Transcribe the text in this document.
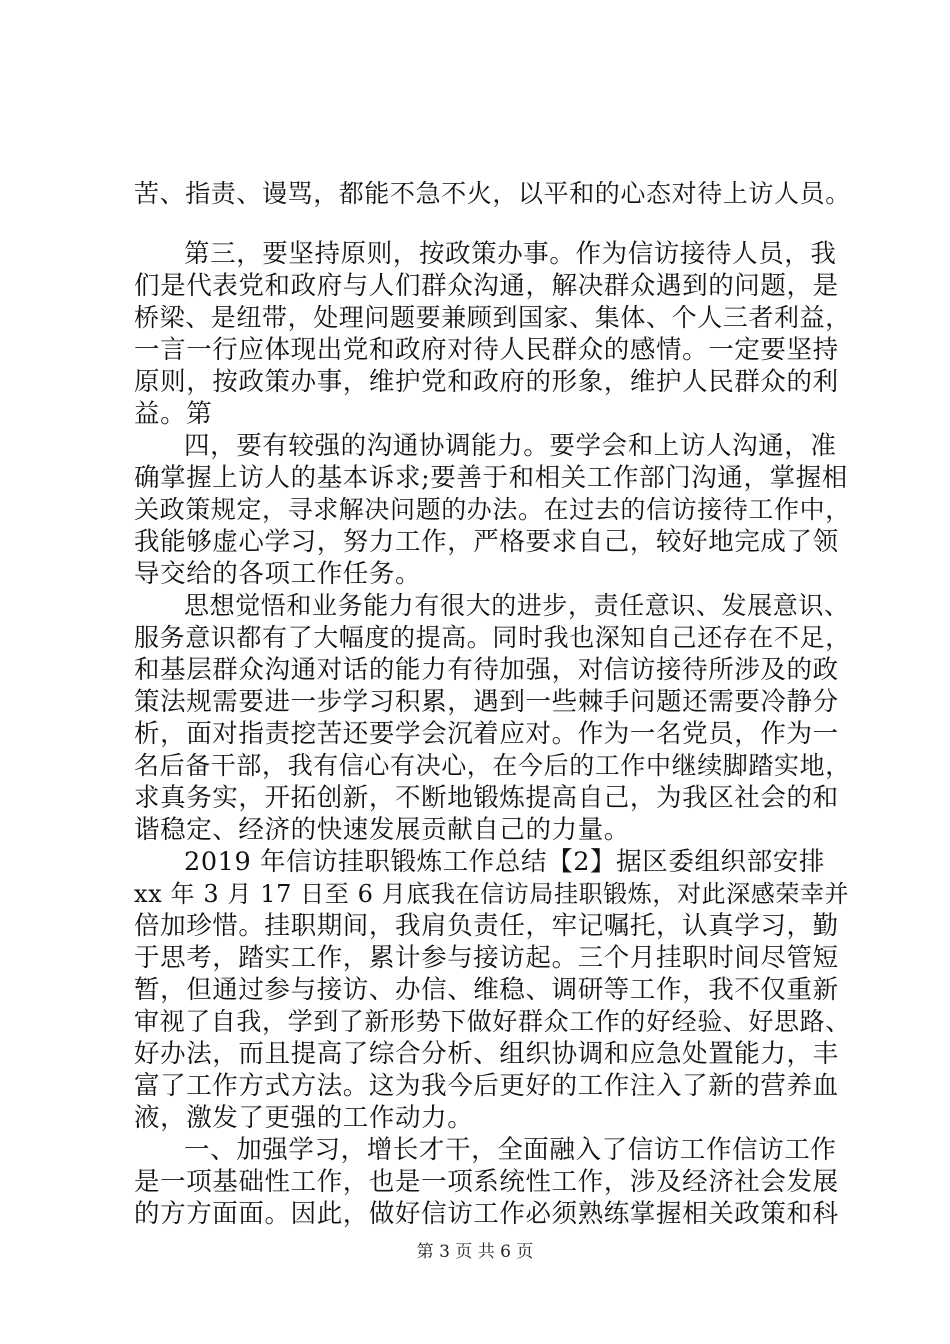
苦、指责、谩骂，都能不急不火，以平和的心态对待上访人员。
第三，要坚持原则，按政策办事。作为信访接待人员，我
们是代表党和政府与人们群众沟通，解决群众遇到的问题，是
桥梁、是纽带，处理问题要兼顾到国家、集体、个人三者利益，
一言一行应体现出党和政府对待人民群众的感情。一定要坚持
原则，按政策办事，维护党和政府的形象，维护人民群众的利
益。第
四，要有较强的沟通协调能力。要学会和上访人沟通，准
确掌握上访人的基本诉求;要善于和相关工作部门沟通，掌握相
关政策规定，寻求解决问题的办法。在过去的信访接待工作中，
我能够虚心学习，努力工作，严格要求自己，较好地完成了领
导交给的各项工作任务。
思想觉悟和业务能力有很大的进步，责任意识、发展意识、
服务意识都有了大幅度的提高。同时我也深知自己还存在不足，
和基层群众沟通对话的能力有待加强，对信访接待所涉及的政
策法规需要进一步学习积累，遇到一些棘手问题还需要冷静分
析，面对指责挖苦还要学会沉着应对。作为一名党员，作为一
名后备干部，我有信心有决心，在今后的工作中继续脚踏实地，
求真务实，开拓创新，不断地锻炼提高自己，为我区社会的和
谐稳定、经济的快速发展贡献自己的力量。
2019 年信访挂职锻炼工作总结【2】据区委组织部安排
xx 年 3 月 17 日至 6 月底我在信访局挂职锻炼，对此深感荣幸并
倍加珍惜。挂职期间，我肩负责任，牢记嘱托，认真学习，勤
于思考，踏实工作，累计参与接访起。三个月挂职时间尽管短
暂，但通过参与接访、办信、维稳、调研等工作，我不仅重新
审视了自我，学到了新形势下做好群众工作的好经验、好思路、
好办法，而且提高了综合分析、组织协调和应急处置能力，丰
富了工作方式方法。这为我今后更好的工作注入了新的营养血
液，激发了更强的工作动力。
一、加强学习，增长才干，全面融入了信访工作信访工作
是一项基础性工作，也是一项系统性工作，涉及经济社会发展
的方方面面。因此，做好信访工作必须熟练掌握相关政策和科
第 3 页 共 6 页
